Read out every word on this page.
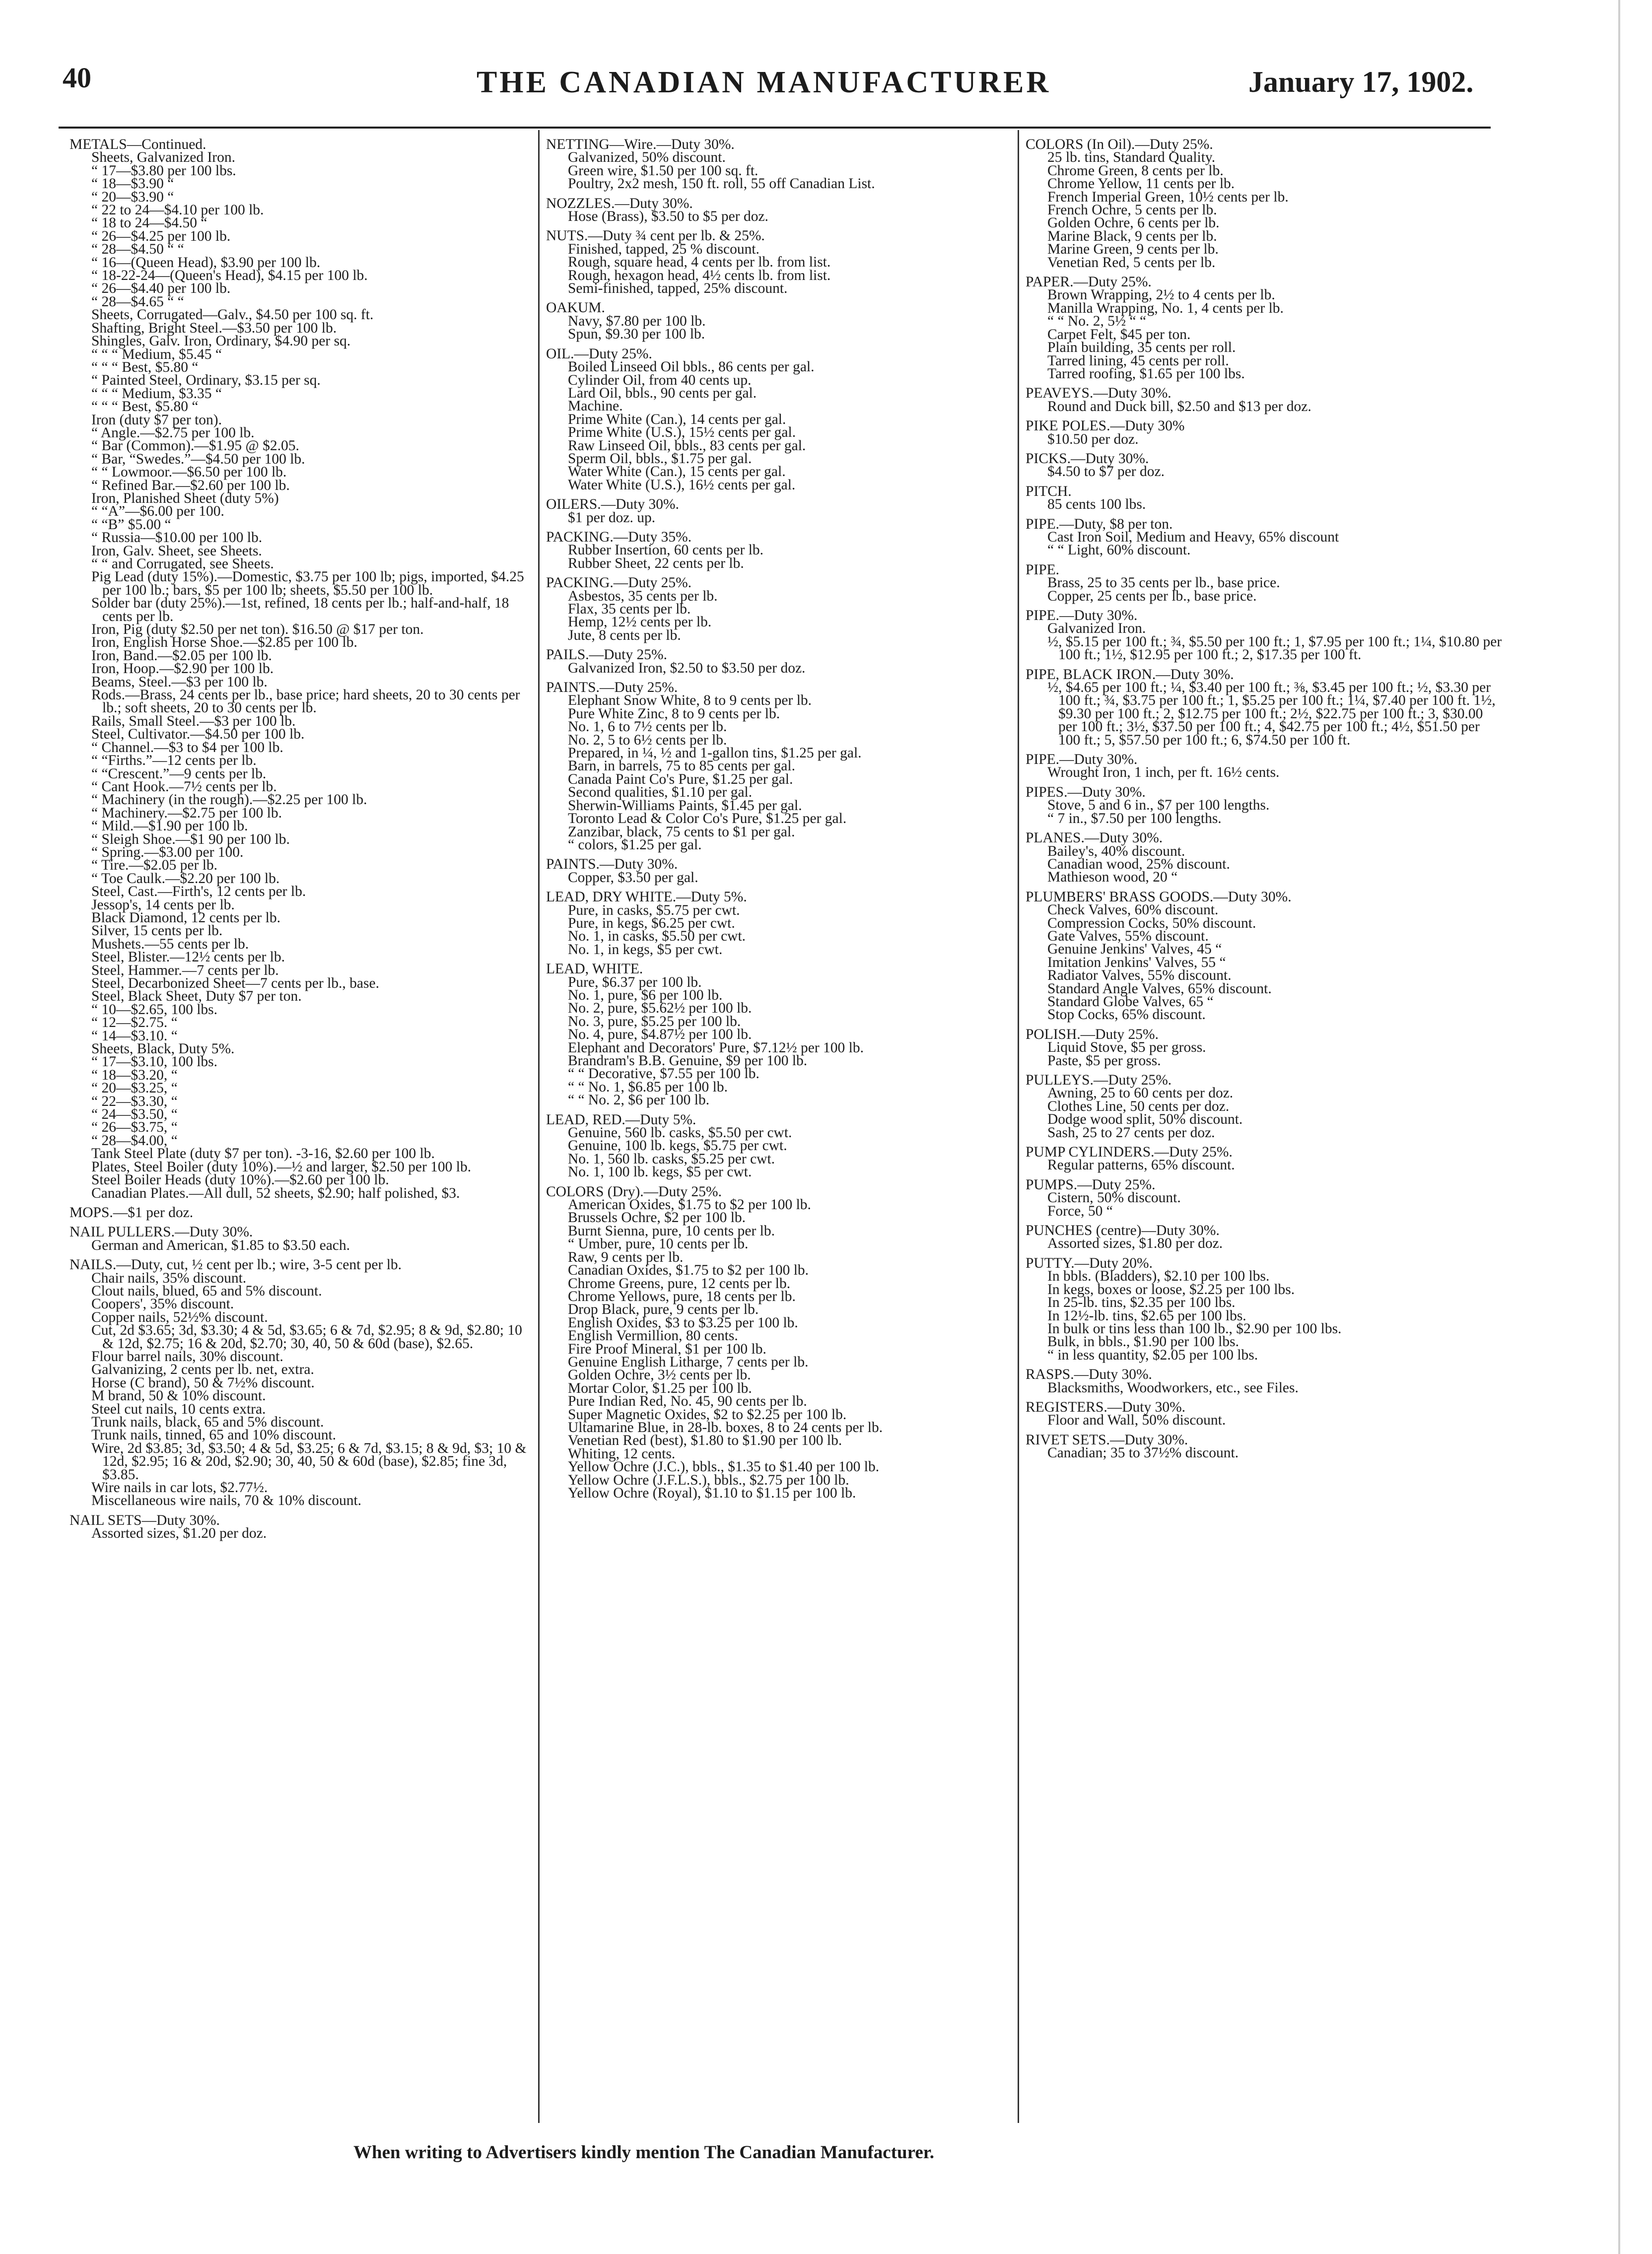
40	THE CANADIAN MANUFACTURER	January 17, 1902.
METALS—Continued.
Sheets, Galvanized Iron.
“ 17—$3.80 per 100 lbs.
“ 18—$3.90 “
“ 20—$3.90 “
“ 22 to 24—$4.10 per 100 lb.
“ 18 to 24—$4.50 “
“ 26—$4.25 per 100 lb.
“ 28—$4.50 “ “
“ 16—(Queen Head), $3.90 per 100 lb.
“ 18-22-24—(Queen's Head), $4.15 per 100 lb.
“ 26—$4.40 per 100 lb.
“ 28—$4.65 “ “
Sheets, Corrugated—Galv., $4.50 per 100 sq. ft.
Shafting, Bright Steel.—$3.50 per 100 lb.
Shingles, Galv. Iron, Ordinary, $4.90 per sq.
“ “ “ Medium, $5.45 “
“ “ “ Best, $5.80 “
“ Painted Steel, Ordinary, $3.15 per sq.
“ “ “ Medium, $3.35 “
“ “ “ Best, $5.80 “
Iron (duty $7 per ton).
“ Angle.—$2.75 per 100 lb.
“ Bar (Common).—$1.95 @ $2.05.
“ Bar, “Swedes.”—$4.50 per 100 lb.
“ “ Lowmoor.—$6.50 per 100 lb.
“ Refined Bar.—$2.60 per 100 lb.
Iron, Planished Sheet (duty 5%)
“ “A”—$6.00 per 100.
“ “B” $5.00 “
“ Russia—$10.00 per 100 lb.
Iron, Galv. Sheet, see Sheets.
“ “ and Corrugated, see Sheets.
Pig Lead (duty 15%).—Domestic, $3.75 per 100 lb; pigs, imported, $4.25 per 100 lb.; bars, $5 per 100 lb; sheets, $5.50 per 100 lb.
Solder bar (duty 25%).—1st, refined, 18 cents per lb.; half-and-half, 18 cents per lb.
Iron, Pig (duty $2.50 per net ton). $16.50 @ $17 per ton.
Iron, English Horse Shoe.—$2.85 per 100 lb.
Iron, Band.—$2.05 per 100 lb.
Iron, Hoop.—$2.90 per 100 lb.
Beams, Steel.—$3 per 100 lb.
Rods.—Brass, 24 cents per lb., base price; hard sheets, 20 to 30 cents per lb.; soft sheets, 20 to 30 cents per lb.
Rails, Small Steel.—$3 per 100 lb.
Steel, Cultivator.—$4.50 per 100 lb.
“ Channel.—$3 to $4 per 100 lb.
“ “Firths.”—12 cents per lb.
“ “Crescent.”—9 cents per lb.
“ Cant Hook.—7½ cents per lb.
“ Machinery (in the rough).—$2.25 per 100 lb.
“ Machinery.—$2.75 per 100 lb.
“ Mild.—$1.90 per 100 lb.
“ Sleigh Shoe.—$1 90 per 100 lb.
“ Spring.—$3.00 per 100.
“ Tire.—$2.05 per lb.
“ Toe Caulk.—$2.20 per 100 lb.
Steel, Cast.—Firth's, 12 cents per lb.
Jessop's, 14 cents per lb.
Black Diamond, 12 cents per lb.
Silver, 15 cents per lb.
Mushets.—55 cents per lb.
Steel, Blister.—12½ cents per lb.
Steel, Hammer.—7 cents per lb.
Steel, Decarbonized Sheet—7 cents per lb., base.
Steel, Black Sheet, Duty $7 per ton.
“ 10—$2.65, 100 lbs.
“ 12—$2.75. “
“ 14—$3.10. “
Sheets, Black, Duty 5%.
“ 17—$3.10, 100 lbs.
“ 18—$3.20, “
“ 20—$3.25, “
“ 22—$3.30, “
“ 24—$3.50, “
“ 26—$3.75, “
“ 28—$4.00, “
Tank Steel Plate (duty $7 per ton). -3-16, $2.60 per 100 lb.
Plates, Steel Boiler (duty 10%).—½ and larger, $2.50 per 100 lb.
Steel Boiler Heads (duty 10%).—$2.60 per 100 lb.
Canadian Plates.—All dull, 52 sheets, $2.90; half polished, $3.
MOPS.—$1 per doz.
NAIL PULLERS.—Duty 30%.
German and American, $1.85 to $3.50 each.
NAILS.—Duty, cut, ½ cent per lb.; wire, 3-5 cent per lb.
Chair nails, 35% discount.
Clout nails, blued, 65 and 5% discount.
Coopers', 35% discount.
Copper nails, 52½% discount.
Cut, 2d $3.65; 3d, $3.30; 4 & 5d, $3.65; 6 & 7d, $2.95; 8 & 9d, $2.80; 10 & 12d, $2.75; 16 & 20d, $2.70; 30, 40, 50 & 60d (base), $2.65.
Flour barrel nails, 30% discount.
Galvanizing, 2 cents per lb. net, extra.
Horse (C brand), 50 & 7½% discount.
M brand, 50 & 10% discount.
Steel cut nails, 10 cents extra.
Trunk nails, black, 65 and 5% discount.
Trunk nails, tinned, 65 and 10% discount.
Wire, 2d $3.85; 3d, $3.50; 4 & 5d, $3.25; 6 & 7d, $3.15; 8 & 9d, $3; 10 & 12d, $2.95; 16 & 20d, $2.90; 30, 40, 50 & 60d (base), $2.85; fine 3d, $3.85.
Wire nails in car lots, $2.77½.
Miscellaneous wire nails, 70 & 10% discount.
NAIL SETS—Duty 30%.
Assorted sizes, $1.20 per doz.
NETTING—Wire.—Duty 30%.
Galvanized, 50% discount.
Green wire, $1.50 per 100 sq. ft.
Poultry, 2x2 mesh, 150 ft. roll, 55 off Canadian List.
NOZZLES.—Duty 30%.
Hose (Brass), $3.50 to $5 per doz.
NUTS.—Duty ¾ cent per lb. & 25%.
Finished, tapped, 25 % discount.
Rough, square head, 4 cents per lb. from list.
Rough, hexagon head, 4½ cents lb. from list.
Semi-finished, tapped, 25% discount.
OAKUM.
Navy, $7.80 per 100 lb.
Spun, $9.30 per 100 lb.
OIL.—Duty 25%.
Boiled Linseed Oil bbls., 86 cents per gal.
Cylinder Oil, from 40 cents up.
Lard Oil, bbls., 90 cents per gal.
Machine.
Prime White (Can.), 14 cents per gal.
Prime White (U.S.), 15½ cents per gal.
Raw Linseed Oil, bbls., 83 cents per gal.
Sperm Oil, bbls., $1.75 per gal.
Water White (Can.), 15 cents per gal.
Water White (U.S.), 16½ cents per gal.
OILERS.—Duty 30%.
$1 per doz. up.
PACKING.—Duty 35%.
Rubber Insertion, 60 cents per lb.
Rubber Sheet, 22 cents per lb.
PACKING.—Duty 25%.
Asbestos, 35 cents per lb.
Flax, 35 cents per lb.
Hemp, 12½ cents per lb.
Jute, 8 cents per lb.
PAILS.—Duty 25%.
Galvanized Iron, $2.50 to $3.50 per doz.
PAINTS.—Duty 25%.
Elephant Snow White, 8 to 9 cents per lb.
Pure White Zinc, 8 to 9 cents per lb.
No. 1, 6 to 7½ cents per lb.
No. 2, 5 to 6½ cents per lb.
Prepared, in ¼, ½ and 1-gallon tins, $1.25 per gal.
Barn, in barrels, 75 to 85 cents per gal.
Canada Paint Co's Pure, $1.25 per gal.
Second qualities, $1.10 per gal.
Sherwin-Williams Paints, $1.45 per gal.
Toronto Lead & Color Co's Pure, $1.25 per gal.
Zanzibar, black, 75 cents to $1 per gal.
“ colors, $1.25 per gal.
PAINTS.—Duty 30%.
Copper, $3.50 per gal.
LEAD, DRY WHITE.—Duty 5%.
Pure, in casks, $5.75 per cwt.
Pure, in kegs, $6.25 per cwt.
No. 1, in casks, $5.50 per cwt.
No. 1, in kegs, $5 per cwt.
LEAD, WHITE.
Pure, $6.37 per 100 lb.
No. 1, pure, $6 per 100 lb.
No. 2, pure, $5.62½ per 100 lb.
No. 3, pure, $5.25 per 100 lb.
No. 4, pure, $4.87½ per 100 lb.
Elephant and Decorators' Pure, $7.12½ per 100 lb.
Brandram's B.B. Genuine, $9 per 100 lb.
“ “ Decorative, $7.55 per 100 lb.
“ “ No. 1, $6.85 per 100 lb.
“ “ No. 2, $6 per 100 lb.
LEAD, RED.—Duty 5%.
Genuine, 560 lb. casks, $5.50 per cwt.
Genuine, 100 lb. kegs, $5.75 per cwt.
No. 1, 560 lb. casks, $5.25 per cwt.
No. 1, 100 lb. kegs, $5 per cwt.
COLORS (Dry).—Duty 25%.
American Oxides, $1.75 to $2 per 100 lb.
Brussels Ochre, $2 per 100 lb.
Burnt Sienna, pure, 10 cents per lb.
“ Umber, pure, 10 cents per lb.
Raw, 9 cents per lb.
Canadian Oxides, $1.75 to $2 per 100 lb.
Chrome Greens, pure, 12 cents per lb.
Chrome Yellows, pure, 18 cents per lb.
Drop Black, pure, 9 cents per lb.
English Oxides, $3 to $3.25 per 100 lb.
English Vermillion, 80 cents.
Fire Proof Mineral, $1 per 100 lb.
Genuine English Litharge, 7 cents per lb.
Golden Ochre, 3½ cents per lb.
Mortar Color, $1.25 per 100 lb.
Pure Indian Red, No. 45, 90 cents per lb.
Super Magnetic Oxides, $2 to $2.25 per 100 lb.
Ultamarine Blue, in 28-lb. boxes, 8 to 24 cents per lb.
Venetian Red (best), $1.80 to $1.90 per 100 lb.
Whiting, 12 cents.
Yellow Ochre (J.C.), bbls., $1.35 to $1.40 per 100 lb.
Yellow Ochre (J.F.L.S.), bbls., $2.75 per 100 lb.
Yellow Ochre (Royal), $1.10 to $1.15 per 100 lb.
COLORS (In Oil).—Duty 25%.
25 lb. tins, Standard Quality.
Chrome Green, 8 cents per lb.
Chrome Yellow, 11 cents per lb.
French Imperial Green, 10½ cents per lb.
French Ochre, 5 cents per lb.
Golden Ochre, 6 cents per lb.
Marine Black, 9 cents per lb.
Marine Green, 9 cents per lb.
Venetian Red, 5 cents per lb.
PAPER.—Duty 25%.
Brown Wrapping, 2½ to 4 cents per lb.
Manilla Wrapping, No. 1, 4 cents per lb.
“ “ No. 2, 5½ “ “
Carpet Felt, $45 per ton.
Plain building, 35 cents per roll.
Tarred lining, 45 cents per roll.
Tarred roofing, $1.65 per 100 lbs.
PEAVEYS.—Duty 30%.
Round and Duck bill, $2.50 and $13 per doz.
PIKE POLES.—Duty 30%
$10.50 per doz.
PICKS.—Duty 30%.
$4.50 to $7 per doz.
PITCH.
85 cents 100 lbs.
PIPE.—Duty, $8 per ton.
Cast Iron Soil, Medium and Heavy, 65% discount
“ “ Light, 60% discount.
PIPE.
Brass, 25 to 35 cents per lb., base price.
Copper, 25 cents per lb., base price.
PIPE.—Duty 30%.
Galvanized Iron.
½, $5.15 per 100 ft.; ¾, $5.50 per 100 ft.; 1, $7.95 per 100 ft.; 1¼, $10.80 per 100 ft.; 1½, $12.95 per 100 ft.; 2, $17.35 per 100 ft.
PIPE, BLACK IRON.—Duty 30%.
½, $4.65 per 100 ft.; ¼, $3.40 per 100 ft.; ⅜, $3.45 per 100 ft.; ½, $3.30 per 100 ft.; ¾, $3.75 per 100 ft.; 1, $5.25 per 100 ft.; 1¼, $7.40 per 100 ft. 1½, $9.30 per 100 ft.; 2, $12.75 per 100 ft.; 2½, $22.75 per 100 ft.; 3, $30.00 per 100 ft.; 3½, $37.50 per 100 ft.; 4, $42.75 per 100 ft.; 4½, $51.50 per 100 ft.; 5, $57.50 per 100 ft.; 6, $74.50 per 100 ft.
PIPE.—Duty 30%.
Wrought Iron, 1 inch, per ft. 16½ cents.
PIPES.—Duty 30%.
Stove, 5 and 6 in., $7 per 100 lengths.
“ 7 in., $7.50 per 100 lengths.
PLANES.—Duty 30%.
Bailey's, 40% discount.
Canadian wood, 25% discount.
Mathieson wood, 20 “
PLUMBERS' BRASS GOODS.—Duty 30%.
Check Valves, 60% discount.
Compression Cocks, 50% discount.
Gate Valves, 55% discount.
Genuine Jenkins' Valves, 45 “
Imitation Jenkins' Valves, 55 “
Radiator Valves, 55% discount.
Standard Angle Valves, 65% discount.
Standard Globe Valves, 65 “
Stop Cocks, 65% discount.
POLISH.—Duty 25%.
Liquid Stove, $5 per gross.
Paste, $5 per gross.
PULLEYS.—Duty 25%.
Awning, 25 to 60 cents per doz.
Clothes Line, 50 cents per doz.
Dodge wood split, 50% discount.
Sash, 25 to 27 cents per doz.
PUMP CYLINDERS.—Duty 25%.
Regular patterns, 65% discount.
PUMPS.—Duty 25%.
Cistern, 50% discount.
Force, 50 “
PUNCHES (centre)—Duty 30%.
Assorted sizes, $1.80 per doz.
PUTTY.—Duty 20%.
In bbls. (Bladders), $2.10 per 100 lbs.
In kegs, boxes or loose, $2.25 per 100 lbs.
In 25-lb. tins, $2.35 per 100 lbs.
In 12½-lb. tins, $2.65 per 100 lbs.
In bulk or tins less than 100 lb., $2.90 per 100 lbs.
Bulk, in bbls., $1.90 per 100 lbs.
“ in less quantity, $2.05 per 100 lbs.
RASPS.—Duty 30%.
Blacksmiths, Woodworkers, etc., see Files.
REGISTERS.—Duty 30%.
Floor and Wall, 50% discount.
RIVET SETS.—Duty 30%.
Canadian; 35 to 37½% discount.
When writing to Advertisers kindly mention The Canadian Manufacturer.
